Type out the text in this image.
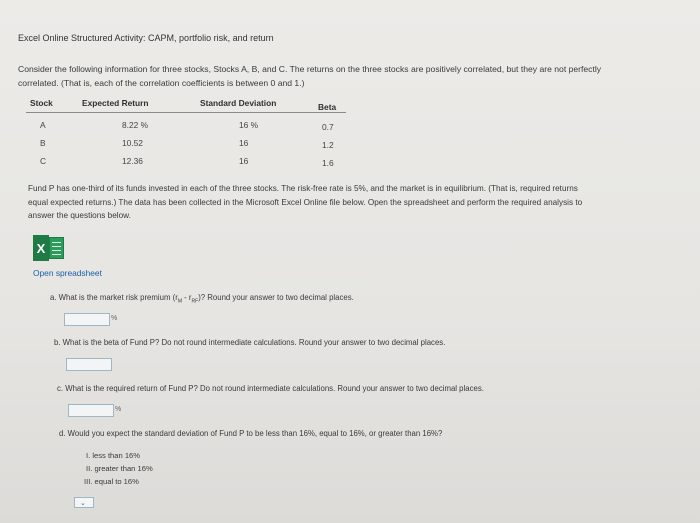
Excel Online Structured Activity: CAPM, portfolio risk, and return
Consider the following information for three stocks, Stocks A, B, and C. The returns on the three stocks are positively correlated, but they are not perfectly
correlated. (That is, each of the correlation coefficients is between 0 and 1.)
Stock	Expected Return	Standard Deviation	Beta
A	8.22 %	16 %	0.7
B	10.52	16	1.2
C	12.36	16	1.6
Fund P has one-third of its funds invested in each of the three stocks. The risk-free rate is 5%, and the market is in equilibrium. (That is, required returns
equal expected returns.) The data has been collected in the Microsoft Excel Online file below. Open the spreadsheet and perform the required analysis to
answer the questions below.
X
Open spreadsheet
a. What is the market risk premium $(r_M - r_{RF})$? Round your answer to two decimal places.
%
b. What is the beta of Fund P? Do not round intermediate calculations. Round your answer to two decimal places.
c. What is the required return of Fund P? Do not round intermediate calculations. Round your answer to two decimal places.
%
d. Would you expect the standard deviation of Fund P to be less than 16%, equal to 16%, or greater than 16%?
I. less than 16%
II. greater than 16%
III. equal to 16%
⌄
